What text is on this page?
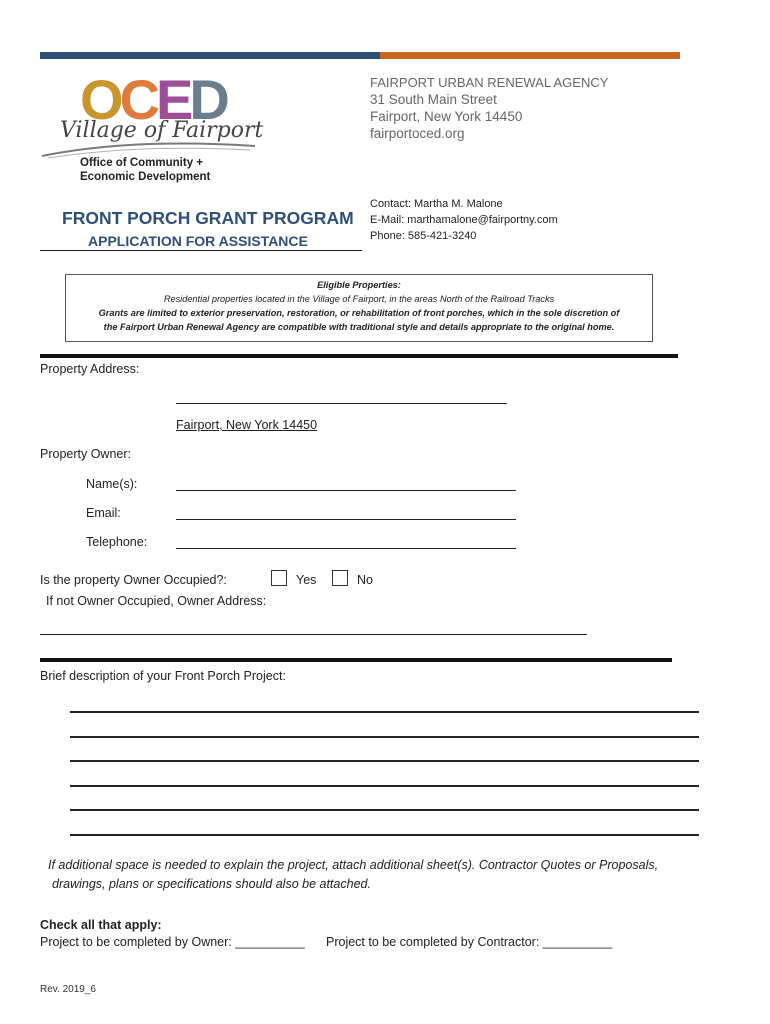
OCED
Village of Fairport
Office of Community +
Economic Development
FAIRPORT URBAN RENEWAL AGENCY
31 South Main Street
Fairport, New York 14450
fairportoced.org
Contact: Martha M. Malone
E-Mail: marthamalone@fairportny.com
Phone: 585-421-3240
FRONT PORCH GRANT PROGRAM
APPLICATION FOR ASSISTANCE
Eligible Properties:
Residential properties located in the Village of Fairport, in the areas North of the Railroad Tracks
Grants are limited to exterior preservation, restoration, or rehabilitation of front porches, which in the sole discretion of
the Fairport Urban Renewal Agency are compatible with traditional style and details appropriate to the original home.
Property Address:
Fairport, New York 14450
Property Owner:
Name(s):
Email:
Telephone:
Is the property Owner Occupied?:	Yes	No
If not Owner Occupied, Owner Address:
Brief description of your Front Porch Project:
If additional space is needed to explain the project, attach additional sheet(s). Contractor Quotes or Proposals,
drawings, plans or specifications should also be attached.
Check all that apply:
Project to be completed by Owner: __________ Project to be completed by Contractor: __________
Rev. 2019_6
